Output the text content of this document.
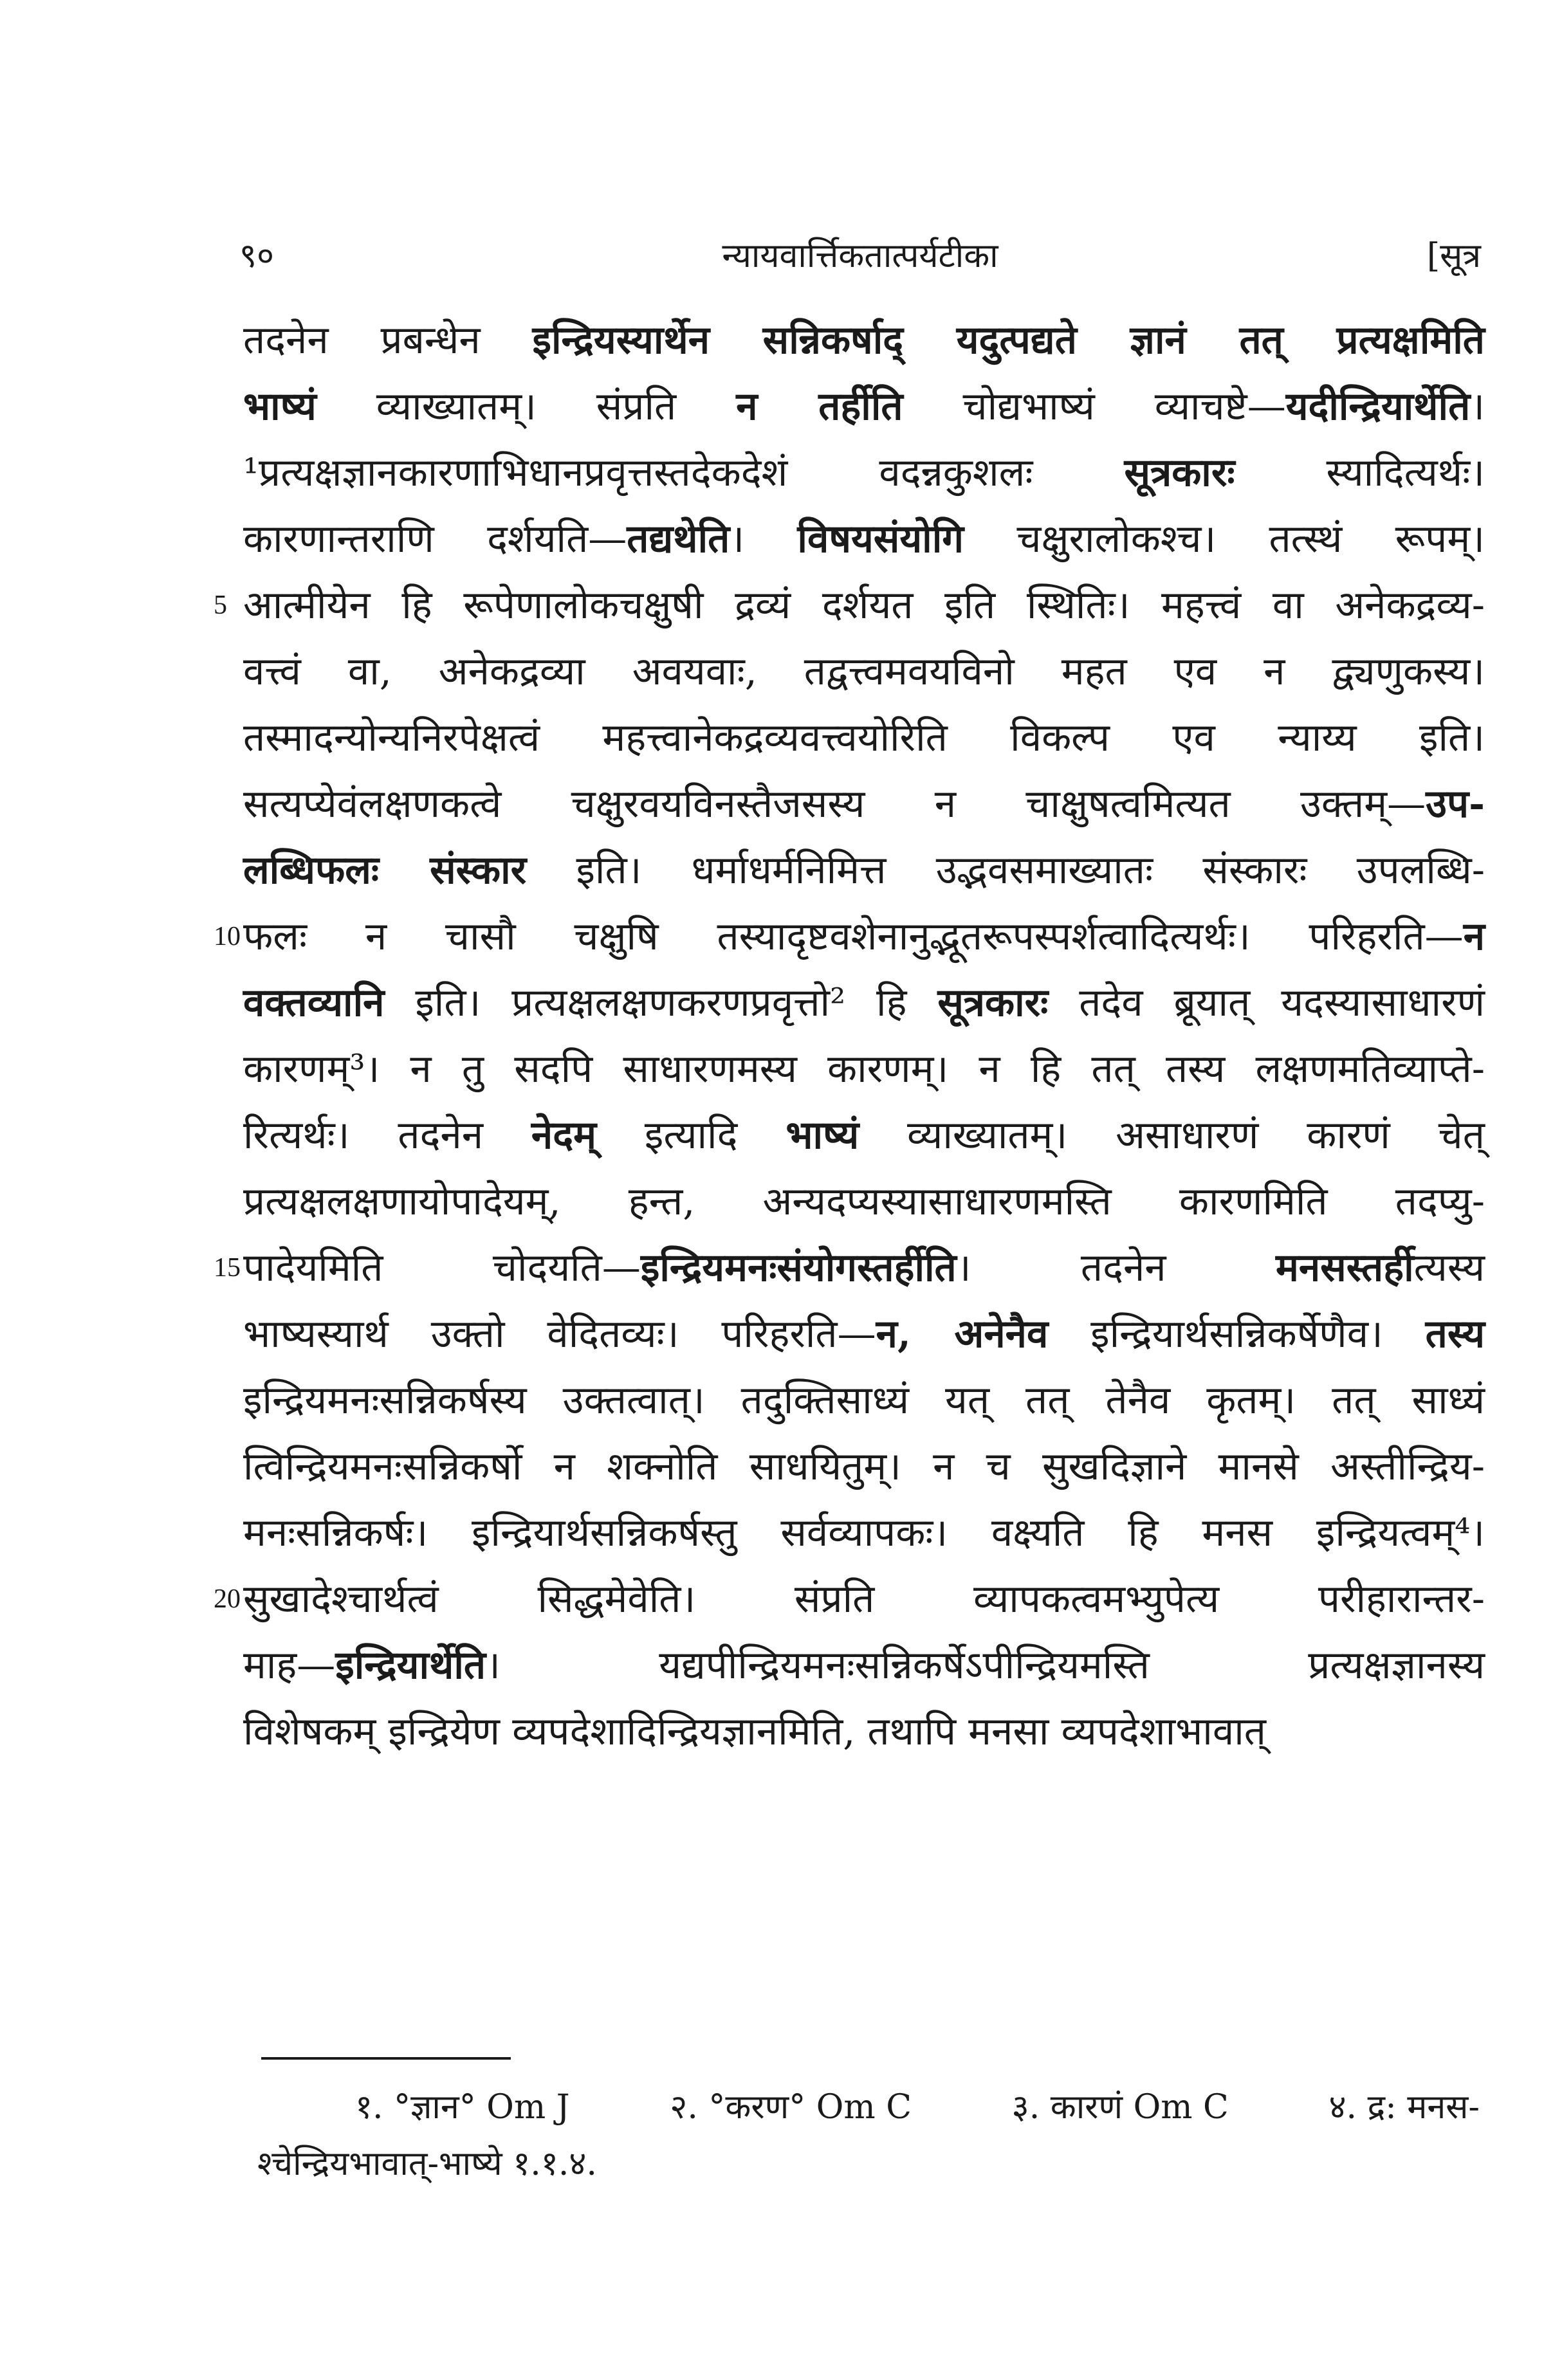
९०	न्यायवार्त्तिकतात्पर्यटीका	[सूत्र
तदनेन प्रबन्धेन इन्द्रियस्यार्थेन सन्निकर्षाद् यदुत्पद्यते ज्ञानं तत् प्रत्यक्षमिति
भाष्यं व्याख्यातम्। संप्रति न तर्हीति चोद्यभाष्यं व्याचष्टे—यदीन्द्रियार्थेति।
¹प्रत्यक्षज्ञानकारणाभिधानप्रवृत्तस्तदेकदेशं वदन्नकुशलः सूत्रकारः स्यादित्यर्थः।
कारणान्तराणि दर्शयति—तद्यथेति। विषयसंयोगि चक्षुरालोकश्च। तत्स्थं रूपम्।
5 आत्मीयेन हि रूपेणालोकचक्षुषी द्रव्यं दर्शयत इति स्थितिः। महत्त्वं वा अनेकद्रव्य-
वत्त्वं वा, अनेकद्रव्या अवयवाः, तद्वत्त्वमवयविनो महत एव न द्व्यणुकस्य।
तस्मादन्योन्यनिरपेक्षत्वं महत्त्वानेकद्रव्यवत्त्वयोरिति विकल्प एव न्याय्य इति।
सत्यप्येवंलक्षणकत्वे चक्षुरवयविनस्तैजसस्य न चाक्षुषत्वमित्यत उक्तम्—उप-
लब्धिफलः संस्कार इति। धर्माधर्मनिमित्त उद्भवसमाख्यातः संस्कारः उपलब्धि-
10 फलः न चासौ चक्षुषि तस्यादृष्टवशेनानुद्भूतरूपस्पर्शत्वादित्यर्थः। परिहरति—न
वक्तव्यानि इति। प्रत्यक्षलक्षणकरणप्रवृत्तो² हि सूत्रकारः तदेव ब्रूयात् यदस्यासाधारणं
कारणम्³। न तु सदपि साधारणमस्य कारणम्। न हि तत् तस्य लक्षणमतिव्याप्ते-
रित्यर्थः। तदनेन नेदम् इत्यादि भाष्यं व्याख्यातम्। असाधारणं कारणं चेत्
प्रत्यक्षलक्षणायोपादेयम्, हन्त, अन्यदप्यस्यासाधारणमस्ति कारणमिति तदप्यु-
15 पादेयमिति चोदयति—इन्द्रियमनःसंयोगस्तर्हीति। तदनेन मनसस्तर्हीत्यस्य
भाष्यस्यार्थ उक्तो वेदितव्यः। परिहरति—न, अनेनैव इन्द्रियार्थसन्निकर्षेणैव। तस्य
इन्द्रियमनःसन्निकर्षस्य उक्तत्वात्। तदुक्तिसाध्यं यत् तत् तेनैव कृतम्। तत् साध्यं
त्विन्द्रियमनःसन्निकर्षो न शक्नोति साधयितुम्। न च सुखदिज्ञाने मानसे अस्तीन्द्रिय-
मनःसन्निकर्षः। इन्द्रियार्थसन्निकर्षस्तु सर्वव्यापकः। वक्ष्यति हि मनस इन्द्रियत्वम्⁴।
20 सुखादेश्चार्थत्वं सिद्धमेवेति। संप्रति व्यापकत्वमभ्युपेत्य परीहारान्तर-
माह—इन्द्रियार्थेति। यद्यपीन्द्रियमनःसन्निकर्षेऽपीन्द्रियमस्ति प्रत्यक्षज्ञानस्य
विशेषकम् इन्द्रियेण व्यपदेशादिन्द्रियज्ञानमिति, तथापि मनसा व्यपदेशाभावात्
१. °ज्ञान° Om J	२. °करण° Om C	३. कारणं Om C	४. द्र: मनस-
श्चेन्द्रियभावात्-भाष्ये १.१.४.
